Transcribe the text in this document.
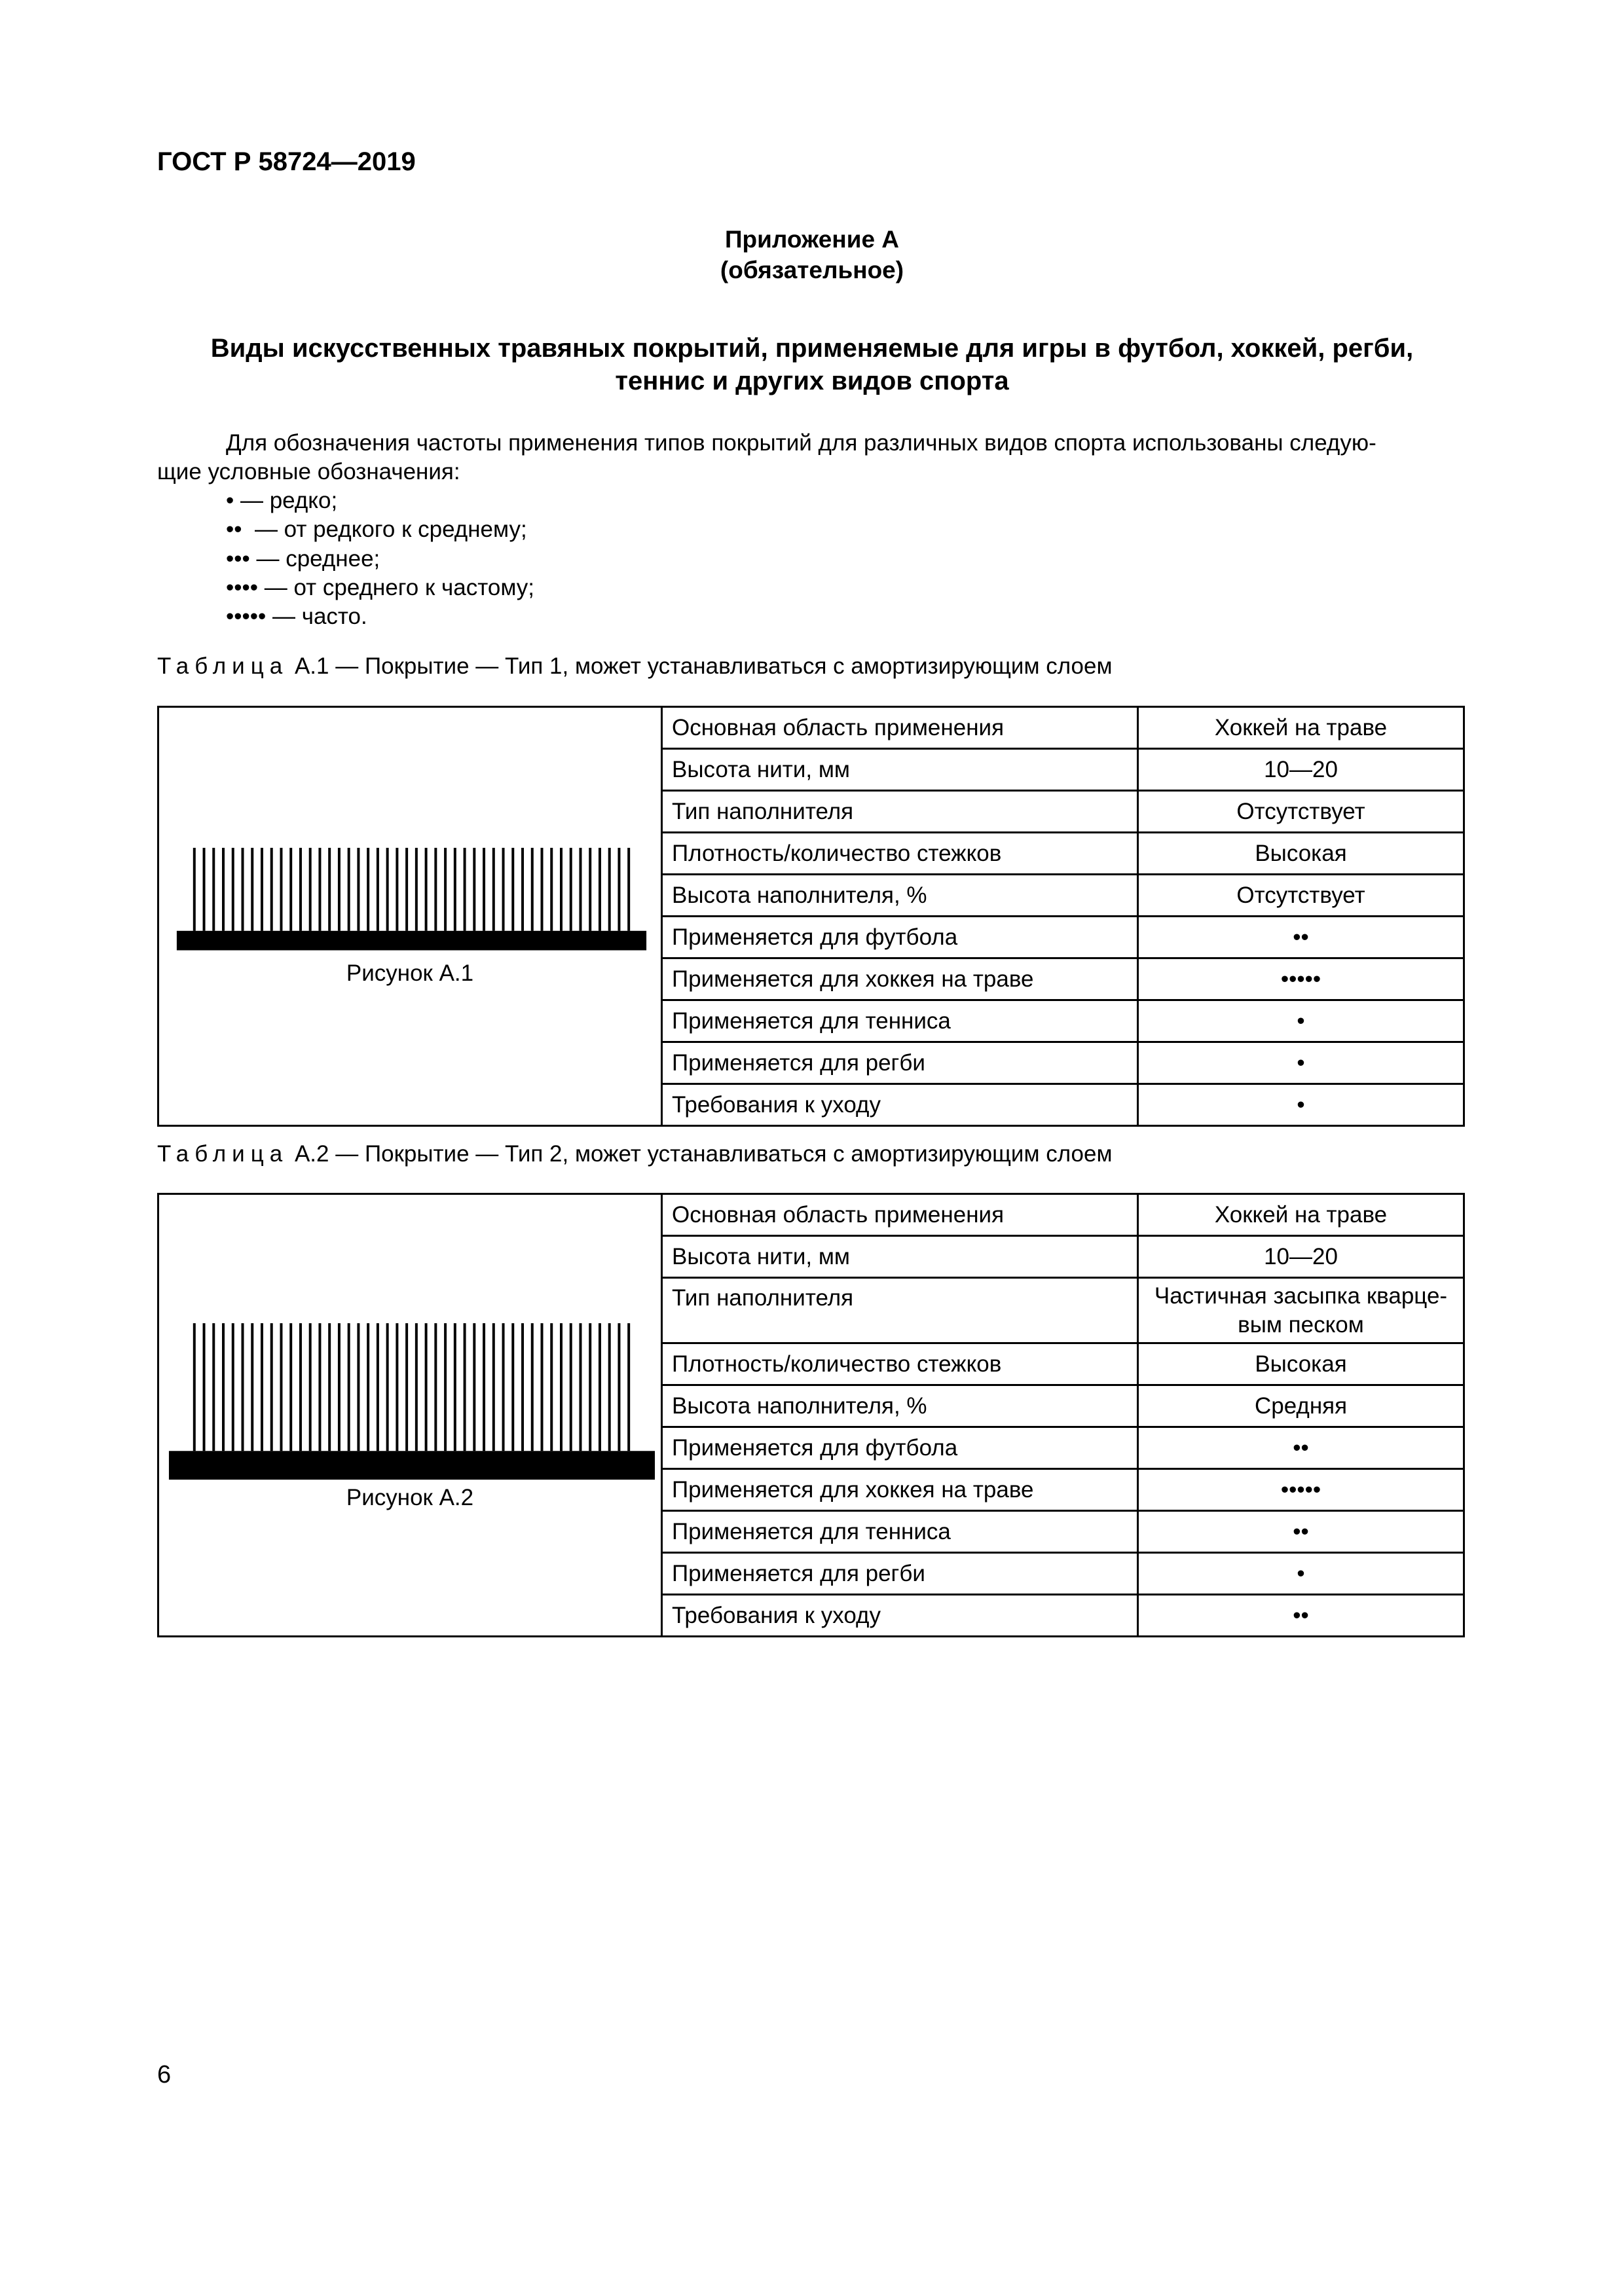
ГОСТ Р 58724—2019
Приложение А
(обязательное)
Виды искусственных травяных покрытий, применяемые для игры в футбол, хоккей, регби,
теннис и других видов спорта
Для обозначения частоты применения типов покрытий для различных видов спорта использованы следую-
щие условные обозначения:
• — редко;
••  — от редкого к среднему;
••• — среднее;
•••• — от среднего к частому;
••••• — часто.
Таблица А.1 — Покрытие — Тип 1, может устанавливаться с амортизирующим слоем
Рисунок А.1	Основная область применения	Хоккей на траве
	Высота нити, мм	10—20
	Тип наполнителя	Отсутствует
	Плотность/количество стежков	Высокая
	Высота наполнителя, %	Отсутствует
	Применяется для футбола	••
	Применяется для хоккея на траве	•••••
	Применяется для тенниса	•
	Применяется для регби	•
	Требования к уходу	•
Таблица А.2 — Покрытие — Тип 2, может устанавливаться с амортизирующим слоем
Рисунок А.2	Основная область применения	Хоккей на траве
	Высота нити, мм	10—20
	Тип наполнителя	Частичная засыпка кварце-
вым песком

	Плотность/количество стежков	Высокая
	Высота наполнителя, %	Средняя
	Применяется для футбола	••
	Применяется для хоккея на траве	•••••
	Применяется для тенниса	••
	Применяется для регби	•
	Требования к уходу	••
6
